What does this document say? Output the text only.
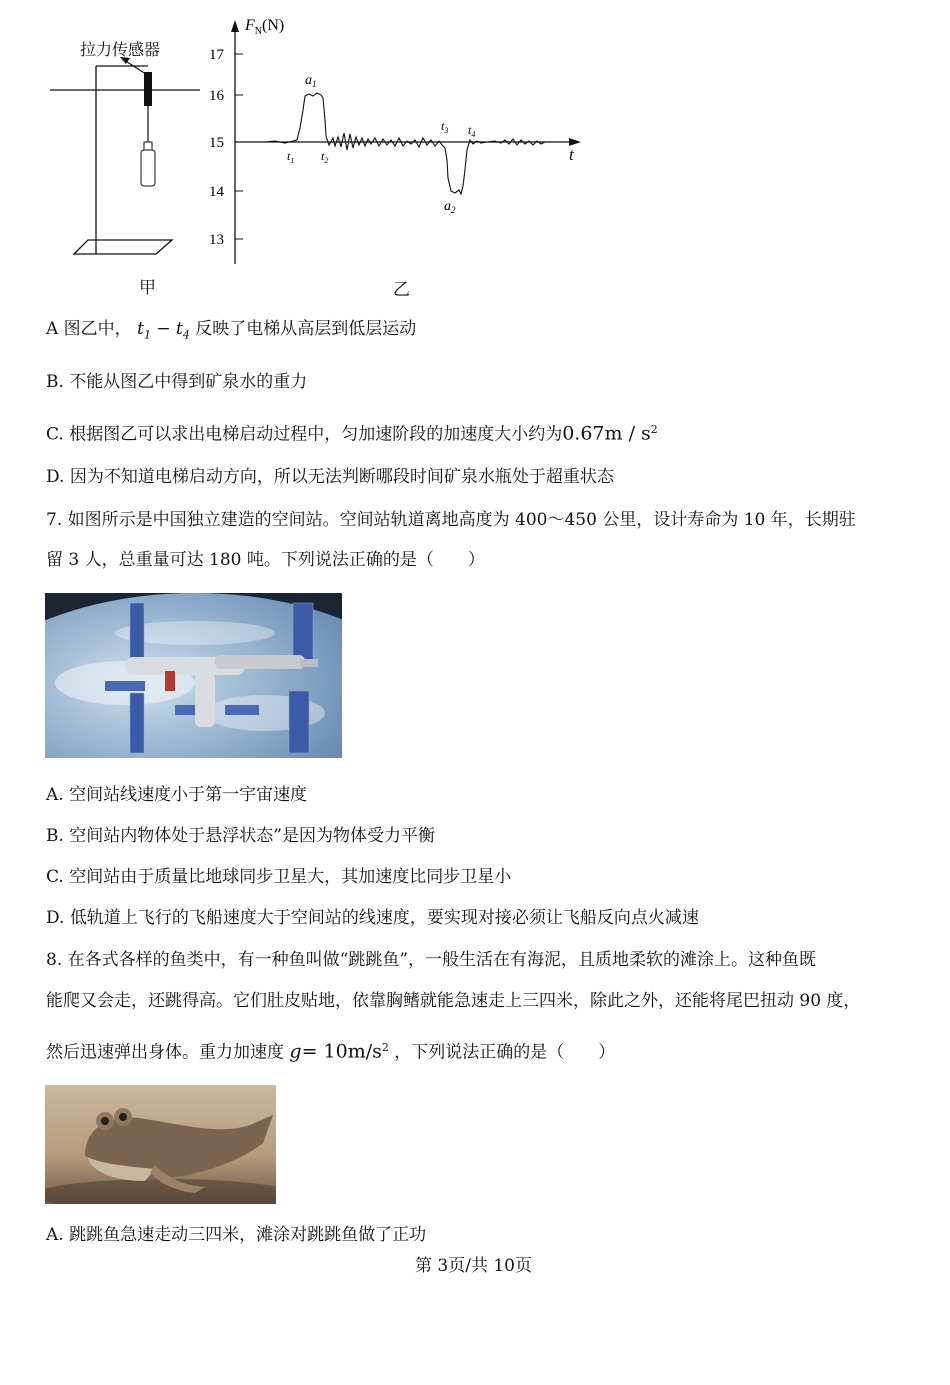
拉力传感器
甲
17
16
15
14
13
$F_N(N)$
t
$t_1$ $t_2$
$t_3$ $t_4$
$a_1$
$a_2$
乙
A 图乙中， $t_1 - t_4$ 反映了电梯从高层到低层运动
B. 不能从图乙中得到矿泉水的重力
C. 根据图乙可以求出电梯启动过程中，匀加速阶段的加速度大小约为$0.67m / s^2$
D. 因为不知道电梯启动方向，所以无法判断哪段时间矿泉水瓶处于超重状态
7. 如图所示是中国独立建造的空间站。空间站轨道离地高度为 400～450 公里，设计寿命为 10 年，长期驻
留 3 人，总重量可达 180 吨。下列说法正确的是（　　）
A. 空间站线速度小于第一宇宙速度
B. 空间站内物体处于悬浮状态”是因为物体受力平衡
C. 空间站由于质量比地球同步卫星大，其加速度比同步卫星小
D. 低轨道上飞行的飞船速度大于空间站的线速度，要实现对接必须让飞船反向点火减速
8. 在各式各样的鱼类中，有一种鱼叫做“跳跳鱼”，一般生活在有海泥，且质地柔软的滩涂上。这种鱼既
能爬又会走，还跳得高。它们肚皮贴地，依靠胸鳍就能急速走上三四米，除此之外，还能将尾巴扭动 90 度，
然后迅速弹出身体。重力加速度 $g= 10m/s^2$ ，下列说法正确的是（　　）
A. 跳跳鱼急速走动三四米，滩涂对跳跳鱼做了正功
第 3页/共 10页
